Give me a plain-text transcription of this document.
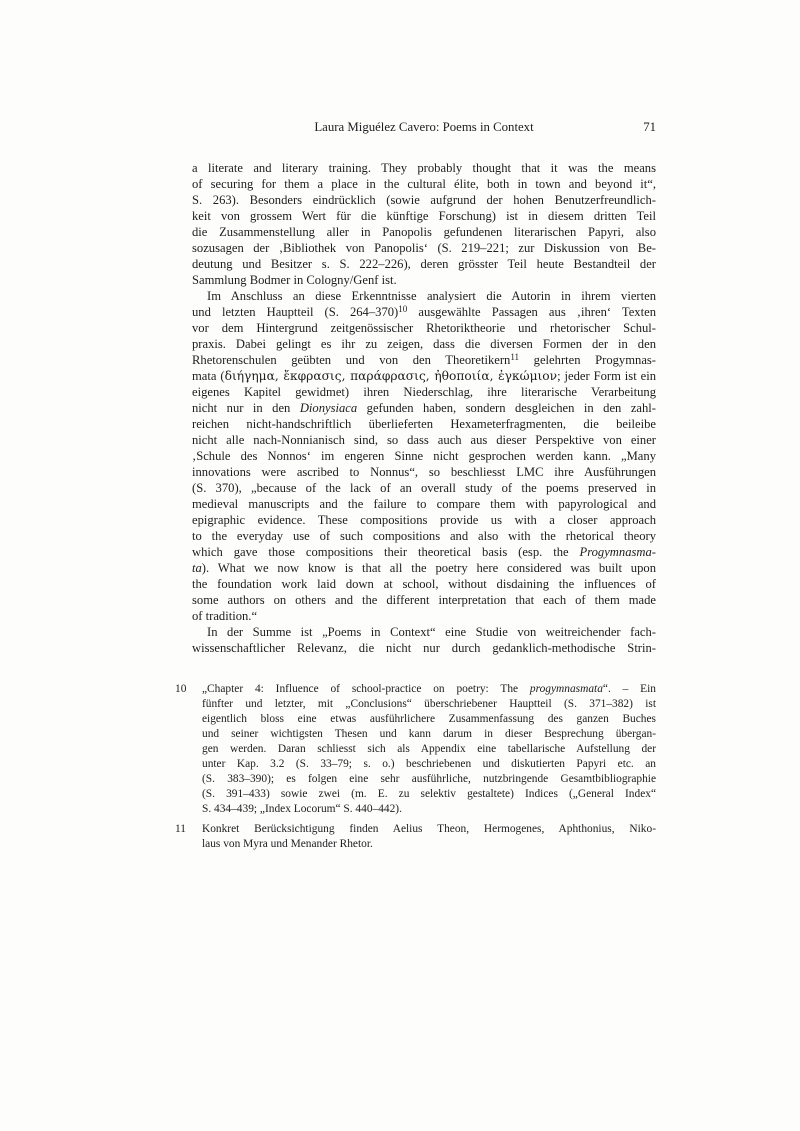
Laura Miguélez Cavero: Poems in Context	71
a literate and literary training. They probably thought that it was the means
of securing for them a place in the cultural élite, both in town and beyond it“,
S. 263). Besonders eindrücklich (sowie aufgrund der hohen Benutzerfreundlich-
keit von grossem Wert für die künftige Forschung) ist in diesem dritten Teil
die Zusammenstellung aller in Panopolis gefundenen literarischen Papyri, also
sozusagen der ‚Bibliothek von Panopolis‘ (S. 219–221; zur Diskussion von Be-
deutung und Besitzer s. S. 222–226), deren grösster Teil heute Bestandteil der
Sammlung Bodmer in Cologny/Genf ist.
Im Anschluss an diese Erkenntnisse analysiert die Autorin in ihrem vierten
und letzten Hauptteil (S. 264–370)$^{10}$ ausgewählte Passagen aus ‚ihren‘ Texten
vor dem Hintergrund zeitgenössischer Rhetoriktheorie und rhetorischer Schul-
praxis. Dabei gelingt es ihr zu zeigen, dass die diversen Formen der in den
Rhetorenschulen geübten und von den Theoretikern$^{11}$ gelehrten Progymnas-
mata (διήγημα, ἔκφρασις, παράφρασις, ἠθοποιία, ἐγκώμιον; jeder Form ist ein
eigenes Kapitel gewidmet) ihren Niederschlag, ihre literarische Verarbeitung
nicht nur in den Dionysiaca gefunden haben, sondern desgleichen in den zahl-
reichen nicht-handschriftlich überlieferten Hexameterfragmenten, die beileibe
nicht alle nach-Nonnianisch sind, so dass auch aus dieser Perspektive von einer
‚Schule des Nonnos‘ im engeren Sinne nicht gesprochen werden kann. „Many
innovations were ascribed to Nonnus“, so beschliesst LMC ihre Ausführungen
(S. 370), „because of the lack of an overall study of the poems preserved in
medieval manuscripts and the failure to compare them with papyrological and
epigraphic evidence. These compositions provide us with a closer approach
to the everyday use of such compositions and also with the rhetorical theory
which gave those compositions their theoretical basis (esp. the Progymnasma-
ta). What we now know is that all the poetry here considered was built upon
the foundation work laid down at school, without disdaining the influences of
some authors on others and the different interpretation that each of them made
of tradition.“
In der Summe ist „Poems in Context“ eine Studie von weitreichender fach-
wissenschaftlicher Relevanz, die nicht nur durch gedanklich-methodische Strin-
10	„Chapter 4: Influence of school-practice on poetry: The progymnasmata“. – Ein
fünfter und letzter, mit „Conclusions“ überschriebener Hauptteil (S. 371–382) ist
eigentlich bloss eine etwas ausführlichere Zusammenfassung des ganzen Buches
und seiner wichtigsten Thesen und kann darum in dieser Besprechung übergan-
gen werden. Daran schliesst sich als Appendix eine tabellarische Aufstellung der
unter Kap. 3.2 (S. 33–79; s. o.) beschriebenen und diskutierten Papyri etc. an
(S. 383–390); es folgen eine sehr ausführliche, nutzbringende Gesamtbibliographie
(S. 391–433) sowie zwei (m. E. zu selektiv gestaltete) Indices („General Index“
S. 434–439; „Index Locorum“ S. 440–442).
11	Konkret Berücksichtigung finden Aelius Theon, Hermogenes, Aphthonius, Niko-
laus von Myra und Menander Rhetor.
